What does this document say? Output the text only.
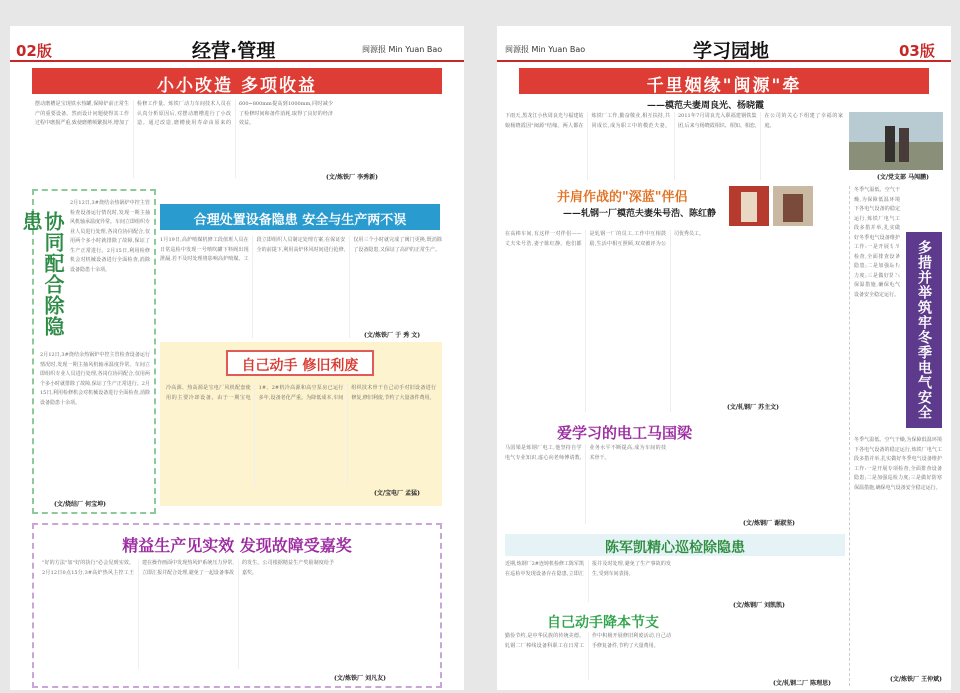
02版	经营·管理	闽源报 Min Yuan Bao
小小改造 多项收益
摆动磨槽是宝现铁水热罐,保障炉前正常生产的重要设备。然而设计问题使得其工作过程中磨损严重,致使磨槽频繁损坏,增加了检修工作量。炼铁厂动力车间技术人员在认真分析原因后,对摆动磨槽进行了小改造。通过改造,磨槽使用寿命由原来的600~800mm提高到1000mm,同时减少了检修时间和备件消耗,取得了良好的经济效益。
(文/炼铁厂 李秀新)
协同配合除隐患
2月12日,3#烧结余热锅炉中控主管检查设备运行情况时,发现一期主抽风机轴承温度异常。车间立即组织专业人员进行处理,各岗位协同配合,仅用两个多小时就排除了故障,保证了生产正常进行。2月15日,利用检修机会对机械设备进行全面检查,消除设备隐患十余项。
2月12日,3#烧结余热锅炉中控主管检查设备运行情况时,发现一期主抽风机轴承温度异常。车间立即组织专业人员进行处理,各岗位协同配合,仅用两个多小时就排除了故障,保证了生产正常进行。2月15日,利用检修机会对机械设备进行全面检查,消除设备隐患十余项。
(文/烧结厂 何宝坤)
合理处置设备隐患 安全与生产两不误
1月19日,高炉喷煤机修工段值班人员在日常巡检中发现一号喷吹罐下料阀出现泄漏,若不及时处理将影响高炉喷煤。工段立即组织人员制定处理方案,在保证安全的前提下,利用高炉休风时间进行抢修,仅用三个小时就完成了阀门更换,既消除了设备隐患,又保证了高炉的正常生产。
(文/炼铁厂 于 秀 文)
自己动手 修旧利废
冷高源、热高源是宝电厂风机配套使用的主要冷却设备。由于一期宝电1#、2#机冷高源和高空泵房已运行多年,设备老化严重。为降低成本,车间组织技术骨干自己动手对旧设备进行修复,修旧利废,节约了大量备件费用。
(文/宝电厂 孟猛)
精益生产见实效 发现故障受嘉奖
"好的方法"加"好的执行"必会见到实效。2月12日0点15分,3#高炉热风主控工王建在操作画面中发现热风炉系统压力异常,立即汇报并配合处理,避免了一起设备事故的发生。公司根据精益生产奖励制度给予嘉奖。
(文/炼铁厂 刘凡友)
闽源报 Min Yuan Bao	学习园地	03版
千里姻缘"闽源"牵
——模范夫妻周良光、杨晓霞
下雨天,黑龙江小伙周良光与福建姑娘杨晓霞因"闽源"结缘。两人都在炼铁厂工作,勤奋敬业,相互扶持,共同成长,成为职工中的模范夫妻。2011年7月周良光入职福建钢铁集团,后来与杨晓霞相识、相知、相恋,在公司的关心下组建了幸福的家庭。
(文/党支部 马闯鹏)
并肩作战的"深蓝"伴侣
——轧钢一厂模范夫妻朱号浩、陈红静
在高棒车间,有这样一对伴侣——丈夫朱号浩,妻子陈红静。他们都是轧钢一厂的员工,工作中互相鼓励,生活中相互照顾,双双被评为公司优秀员工。
(文/轧钢厂 苏主文)
爱学习的电工马国梁
马国梁是炼钢厂电工,他坚持自学电气专业知识,虚心向老师傅请教,业务水平不断提高,成为车间的技术骨干。
(文/炼钢厂 谢淑坚)
陈军凯精心巡检除隐患
近期,炼钢厂2#连铸机检修工陈军凯在巡检中发现设备存在隐患,立即汇报并及时处理,避免了生产事故的发生,受到车间表扬。
(文/炼钢厂 刘凯凯)
自己动手降本节支
勤俭节约,是中华民族的传统美德。轧钢二厂棒线设备科职工在日常工作中积极开展修旧利废活动,自己动手修复备件,节约了大量费用。
(文/轧钢二厂 陈理思)
冬季气温低、空气干燥,为保障低温环境下各电气设备的稳定运行,炼铁厂电气工段多措并举,扎实做好冬季电气设备维护工作:一是开展专项检查,全面排查设备隐患;二是加强巡检力度;三是做好防寒保温措施,确保电气设备安全稳定运行。	多措并举筑牢冬季电气安全防护网
冬季气温低、空气干燥,为保障低温环境下各电气设备的稳定运行,炼铁厂电气工段多措并举,扎实做好冬季电气设备维护工作:一是开展专项检查,全面排查设备隐患;二是加强巡检力度;三是做好防寒保温措施,确保电气设备安全稳定运行。
(文/炼铁厂 王仲斌)
